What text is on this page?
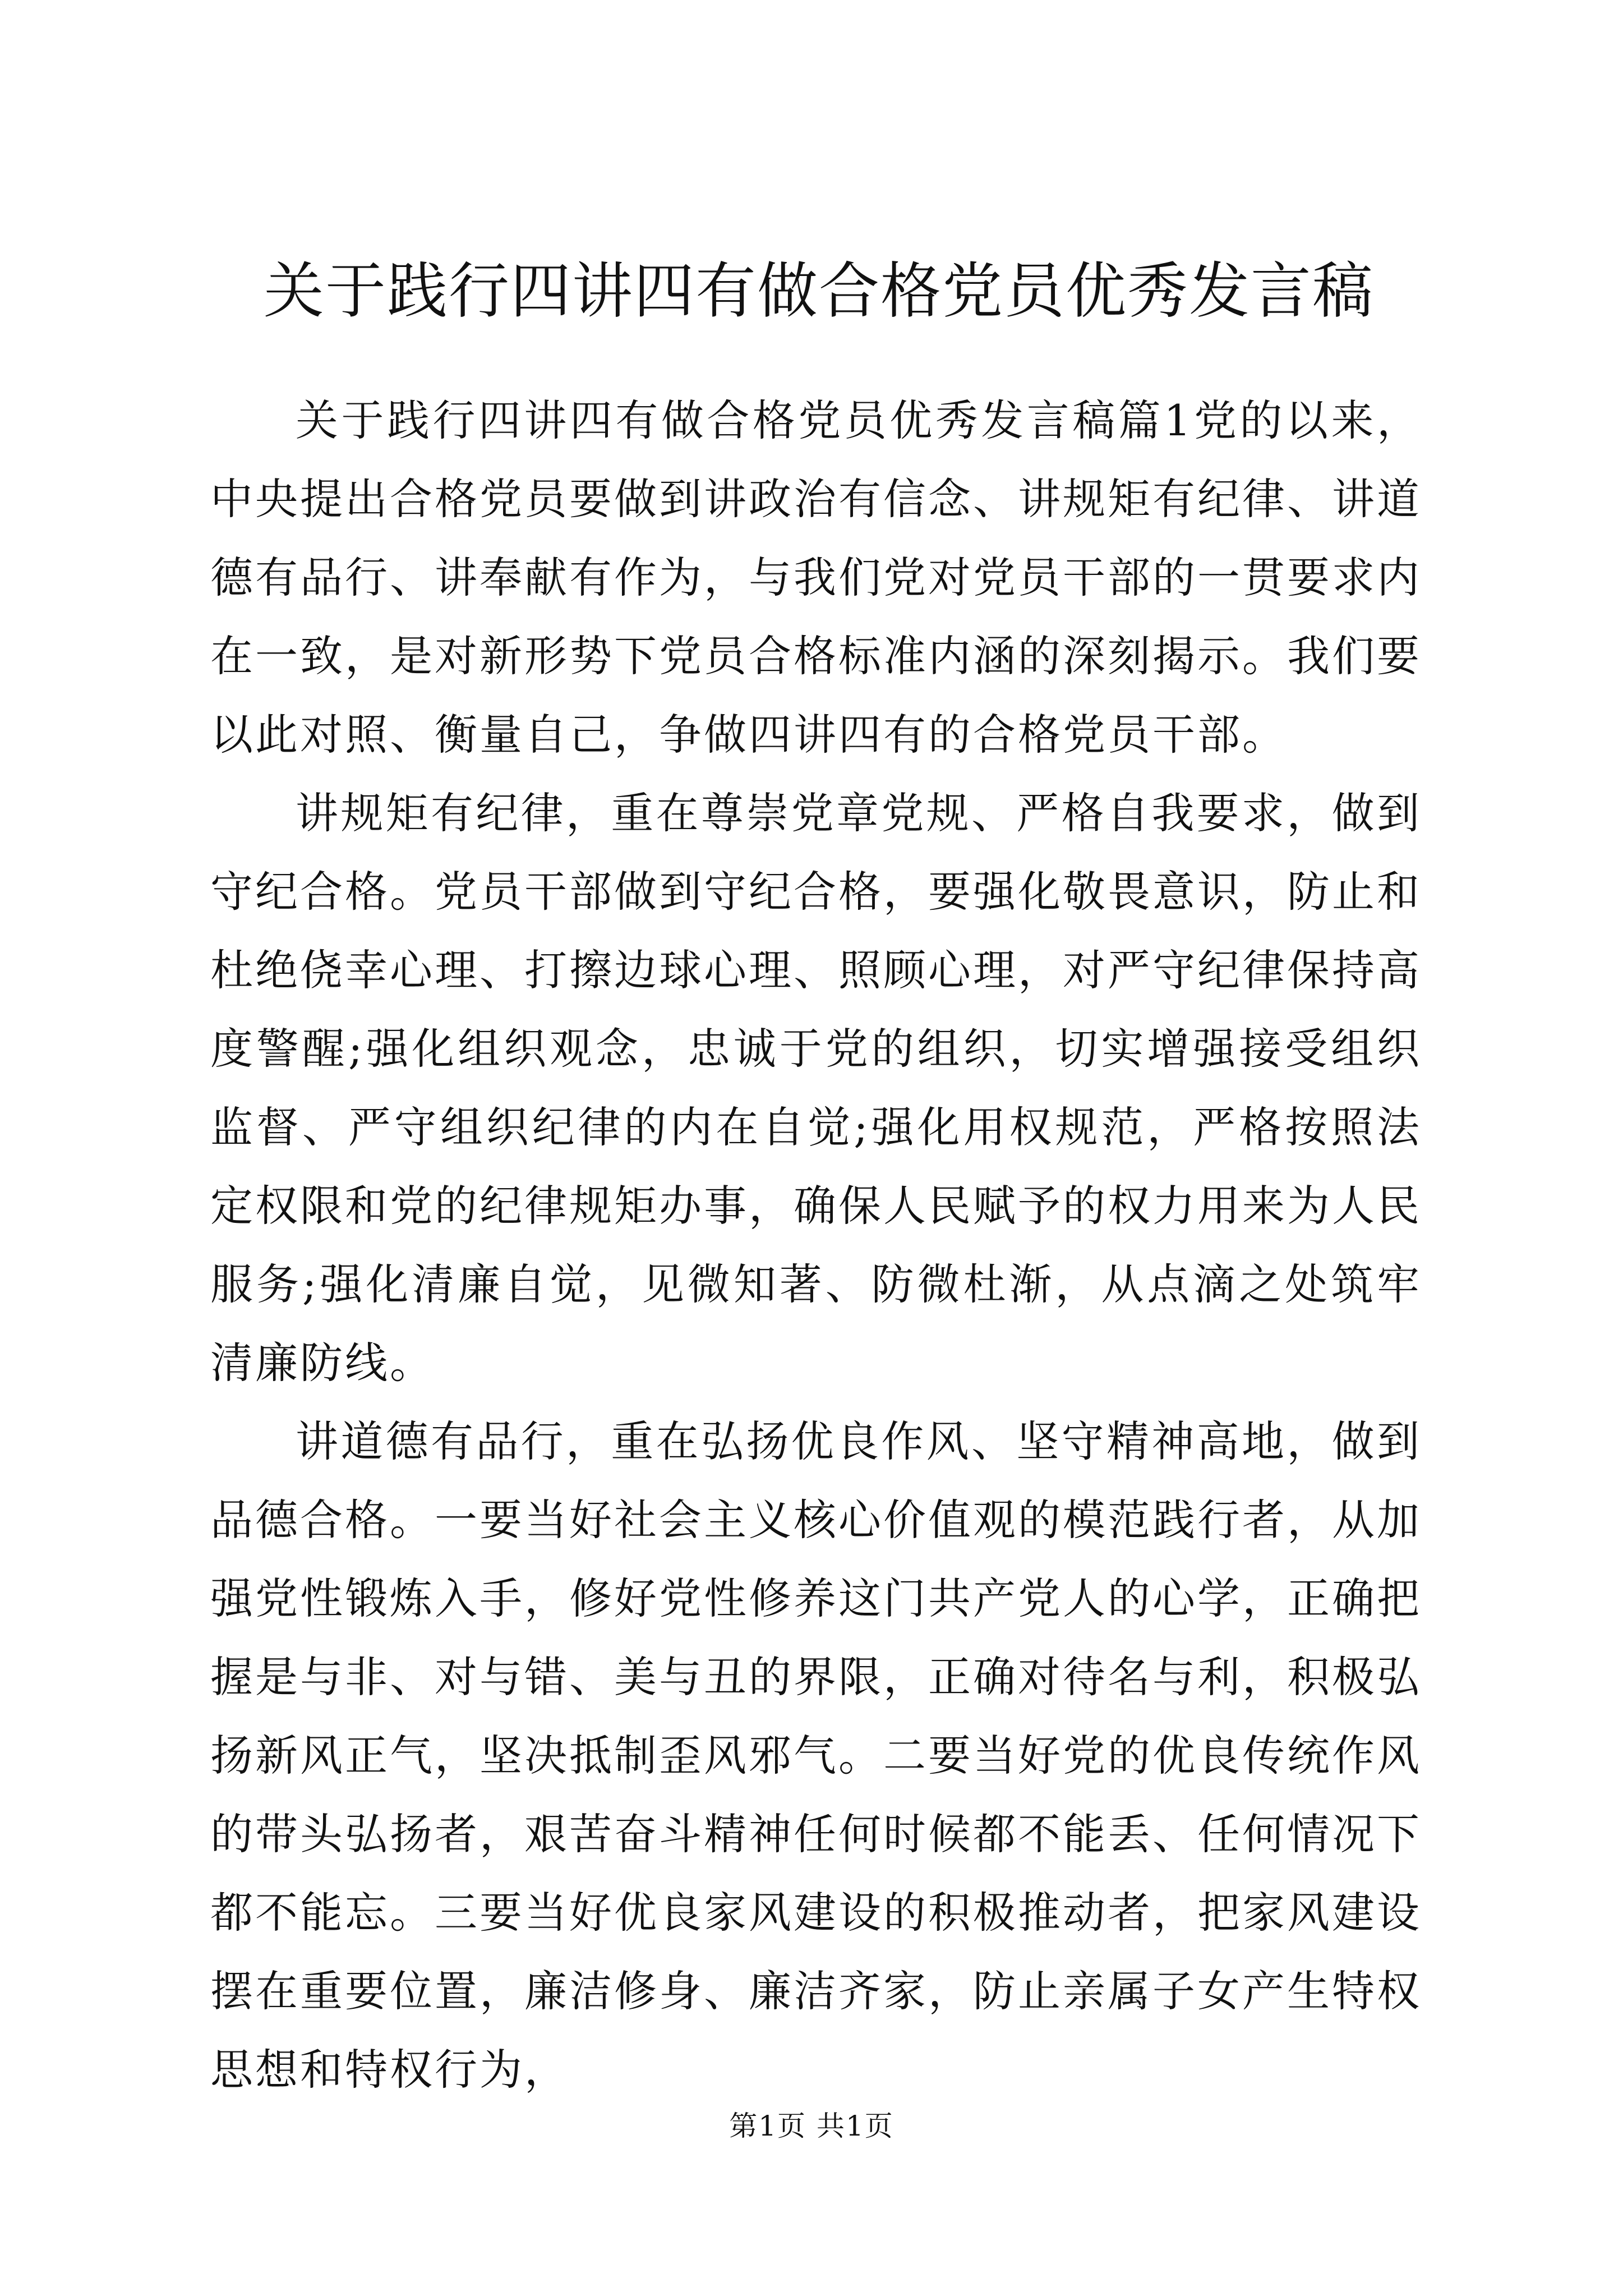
关于践行四讲四有做合格党员优秀发言稿

关于践行四讲四有做合格党员优秀发言稿篇1党的以来，中央提出合格党员要做到讲政治有信念、讲规矩有纪律、讲道德有品行、讲奉献有作为，与我们党对党员干部的一贯要求内在一致，是对新形势下党员合格标准内涵的深刻揭示。我们要以此对照、衡量自己，争做四讲四有的合格党员干部。

讲规矩有纪律，重在尊崇党章党规、严格自我要求，做到守纪合格。党员干部做到守纪合格，要强化敬畏意识，防止和杜绝侥幸心理、打擦边球心理、照顾心理，对严守纪律保持高度警醒;强化组织观念，忠诚于党的组织，切实增强接受组织监督、严守组织纪律的内在自觉;强化用权规范，严格按照法定权限和党的纪律规矩办事，确保人民赋予的权力用来为人民服务;强化清廉自觉，见微知著、防微杜渐，从点滴之处筑牢清廉防线。

讲道德有品行，重在弘扬优良作风、坚守精神高地，做到品德合格。一要当好社会主义核心价值观的模范践行者，从加强党性锻炼入手，修好党性修养这门共产党人的心学，正确把握是与非、对与错、美与丑的界限，正确对待名与利，积极弘扬新风正气，坚决抵制歪风邪气。二要当好党的优良传统作风的带头弘扬者，艰苦奋斗精神任何时候都不能丢、任何情况下都不能忘。三要当好优良家风建设的积极推动者，把家风建设摆在重要位置，廉洁修身、廉洁齐家，防止亲属子女产生特权思想和特权行为，

第1页 共1页
